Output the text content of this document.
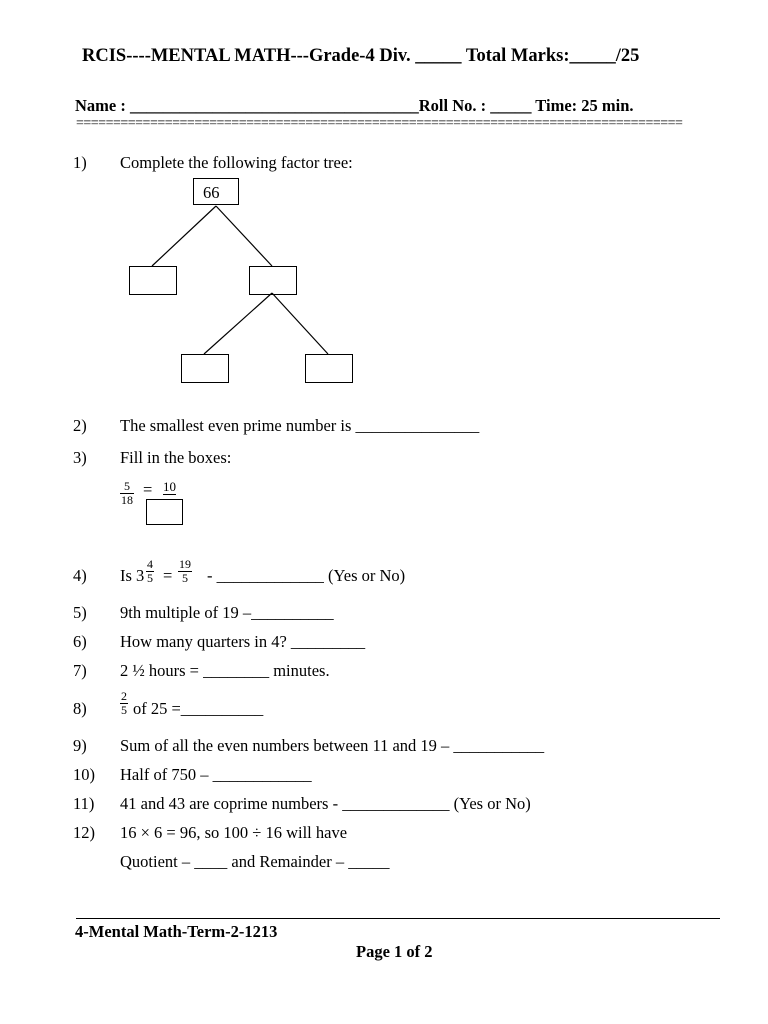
RCIS----MENTAL MATH---Grade-4 Div. _____ Total Marks:_____/25
Name : ___________________________________Roll No. : _____ Time: 25 min.
==================================================================================
1) Complete the following factor tree:
66
2) The smallest even prime number is _______________
3) Fill in the boxes:
$\frac{5}{18} = 10$
4) Is $3 \frac{4}{5} = \frac{19}{5}$ - _____________ (Yes or No)
5) 9th multiple of 19 –__________
6) How many quarters in 4? _________
7) 2 ½ hours = ________ minutes.
8)	$\frac{2}{5}$ of 25 =__________
9) Sum of all the even numbers between 11 and 19 – ___________
10) Half of 750 – ____________
11) 41 and 43 are coprime numbers - _____________ (Yes or No)
12) 16 × 6 = 96, so 100 ÷ 16 will have
Quotient – ____ and Remainder – _____
4-Mental Math-Term-2-1213
Page 1 of 2
